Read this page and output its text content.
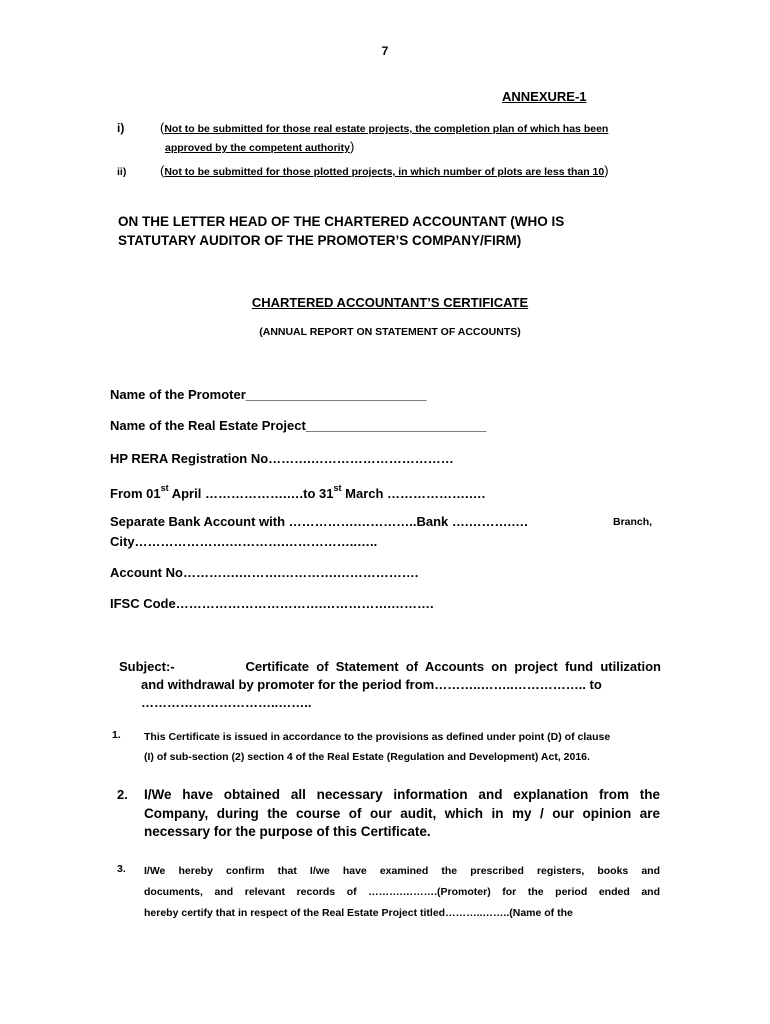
7
ANNEXURE-1
i)	(Not to be submitted for those real estate projects, the completion plan of which has been
approved by the competent authority)
ii)	(Not to be submitted for those plotted projects, in which number of plots are less than 10)
ON THE LETTER HEAD OF THE CHARTERED ACCOUNTANT (WHO IS
STATUTARY AUDITOR OF THE PROMOTER’S COMPANY/FIRM)
CHARTERED ACCOUNTANT’S CERTIFICATE
(ANNUAL REPORT ON STATEMENT OF ACCOUNTS)
Name of the Promoter_________________________
Name of the Real Estate Project_________________________
HP RERA Registration No……….……………………………
From 01st April ……………….….to 31st March ……………….….
Separate Bank Account with …………….…………..Bank ….……….….	Branch,
City………………….………….……………..…..
Account No………….……….………….……………….
IFSC Code…………………………….…………….……….
Subject:-	Certificate  of  Statement  of  Accounts  on  project  fund  utilization
and withdrawal by promoter for the period from………..……..…………….. to
…………………………..……..
1. This Certificate is issued in accordance to the provisions as defined under point (D) of clause
(I) of sub-section (2) section 4 of the Real Estate (Regulation and Development) Act, 2016.
2. I/We have obtained all necessary information and explanation from the
Company, during the course of our audit, which in my / our opinion are
necessary for the purpose of this Certificate.
3. I/We hereby confirm that I/we have examined the prescribed registers, books and
documents, and relevant records of ……….……….(Promoter) for the period ended and
hereby certify that in respect of the Real Estate Project titled………..……..(Name of the
